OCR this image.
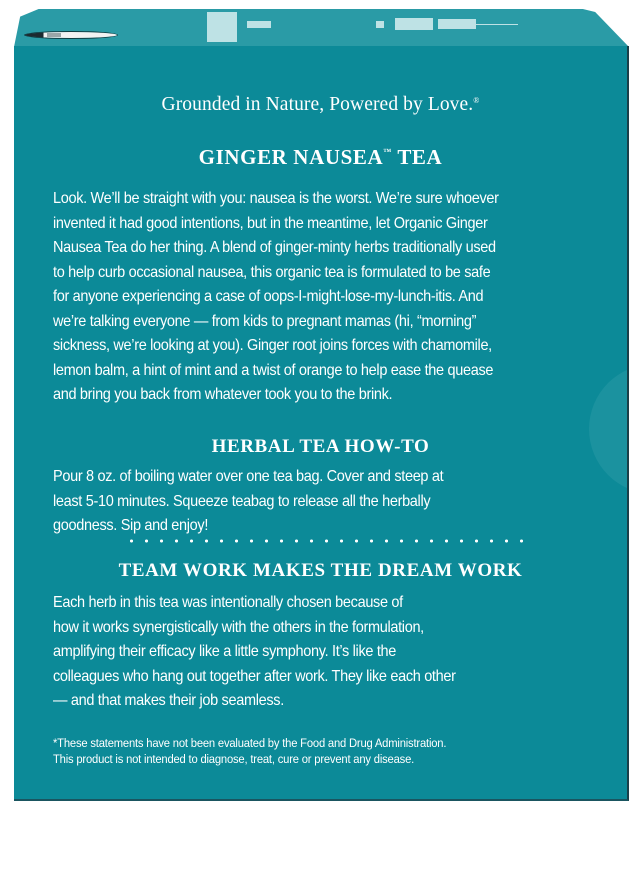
Grounded in Nature, Powered by Love.®
GINGER NAUSEA™ TEA
Look. We’ll be straight with you: nausea is the worst. We’re sure whoever
invented it had good intentions, but in the meantime, let Organic Ginger
Nausea Tea do her thing. A blend of ginger-minty herbs traditionally used
to help curb occasional nausea, this organic tea is formulated to be safe
for anyone experiencing a case of oops-I-might-lose-my-lunch-itis. And
we’re talking everyone — from kids to pregnant mamas (hi, “morning”
sickness, we’re looking at you). Ginger root joins forces with chamomile,
lemon balm, a hint of mint and a twist of orange to help ease the quease
and bring you back from whatever took you to the brink.
HERBAL TEA HOW-TO
Pour 8 oz. of boiling water over one tea bag. Cover and steep at
least 5-10 minutes. Squeeze teabag to release all the herbally
goodness. Sip and enjoy!
TEAM WORK MAKES THE DREAM WORK
Each herb in this tea was intentionally chosen because of
how it works synergistically with the others in the formulation,
amplifying their efficacy like a little symphony. It’s like the
colleagues who hang out together after work. They like each other
— and that makes their job seamless.
*These statements have not been evaluated by the Food and Drug Administration.
This product is not intended to diagnose, treat, cure or prevent any disease.
